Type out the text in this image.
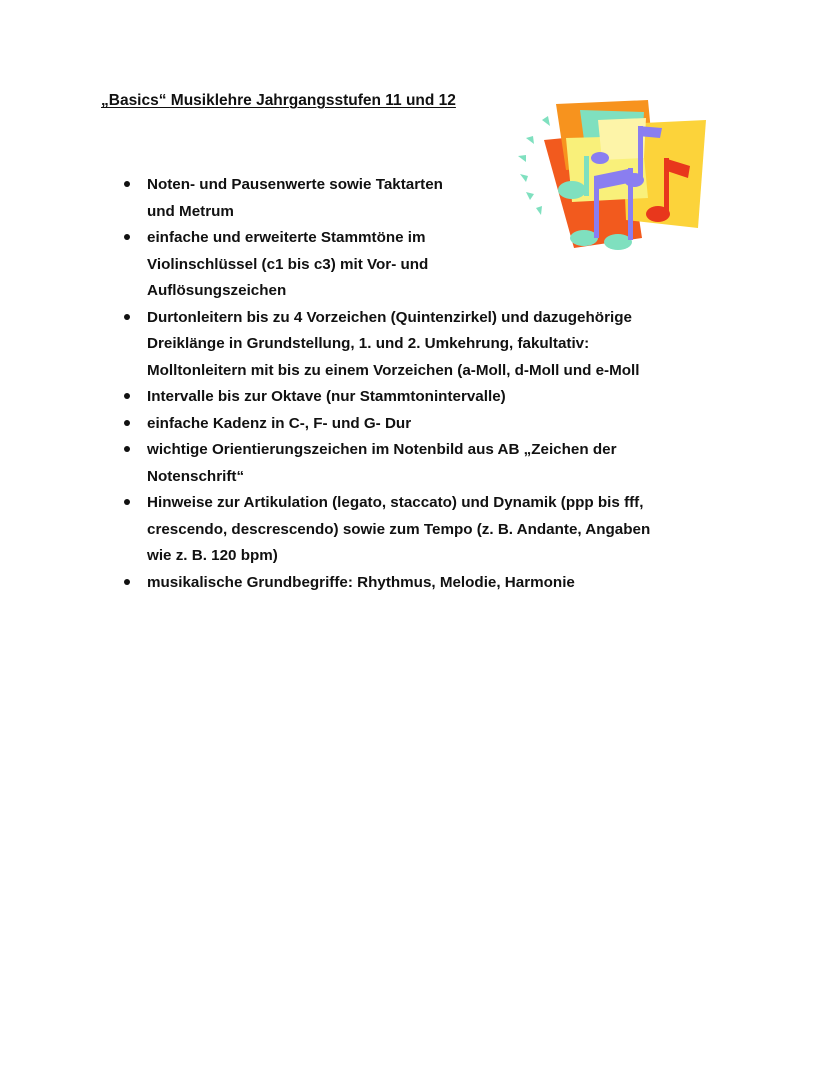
„Basics“ Musiklehre Jahrgangsstufen 11 und 12
Noten- und Pausenwerte sowie Taktarten
und Metrum
einfache und erweiterte Stammtöne im
Violinschlüssel (c1 bis c3) mit Vor- und
Auflösungszeichen
Durtonleitern bis zu 4 Vorzeichen (Quintenzirkel) und dazugehörige
Dreiklänge in Grundstellung, 1. und 2. Umkehrung, fakultativ:
Molltonleitern mit bis zu einem Vorzeichen (a-Moll, d-Moll und e-Moll
Intervalle bis zur Oktave (nur Stammtonintervalle)
einfache Kadenz in C-, F- und G- Dur
wichtige Orientierungszeichen im Notenbild aus AB „Zeichen der
Notenschrift“
Hinweise zur Artikulation (legato, staccato) und Dynamik (ppp bis fff,
crescendo, descrescendo) sowie zum Tempo (z. B. Andante, Angaben
wie z. B. 120 bpm)
musikalische Grundbegriffe: Rhythmus, Melodie, Harmonie
